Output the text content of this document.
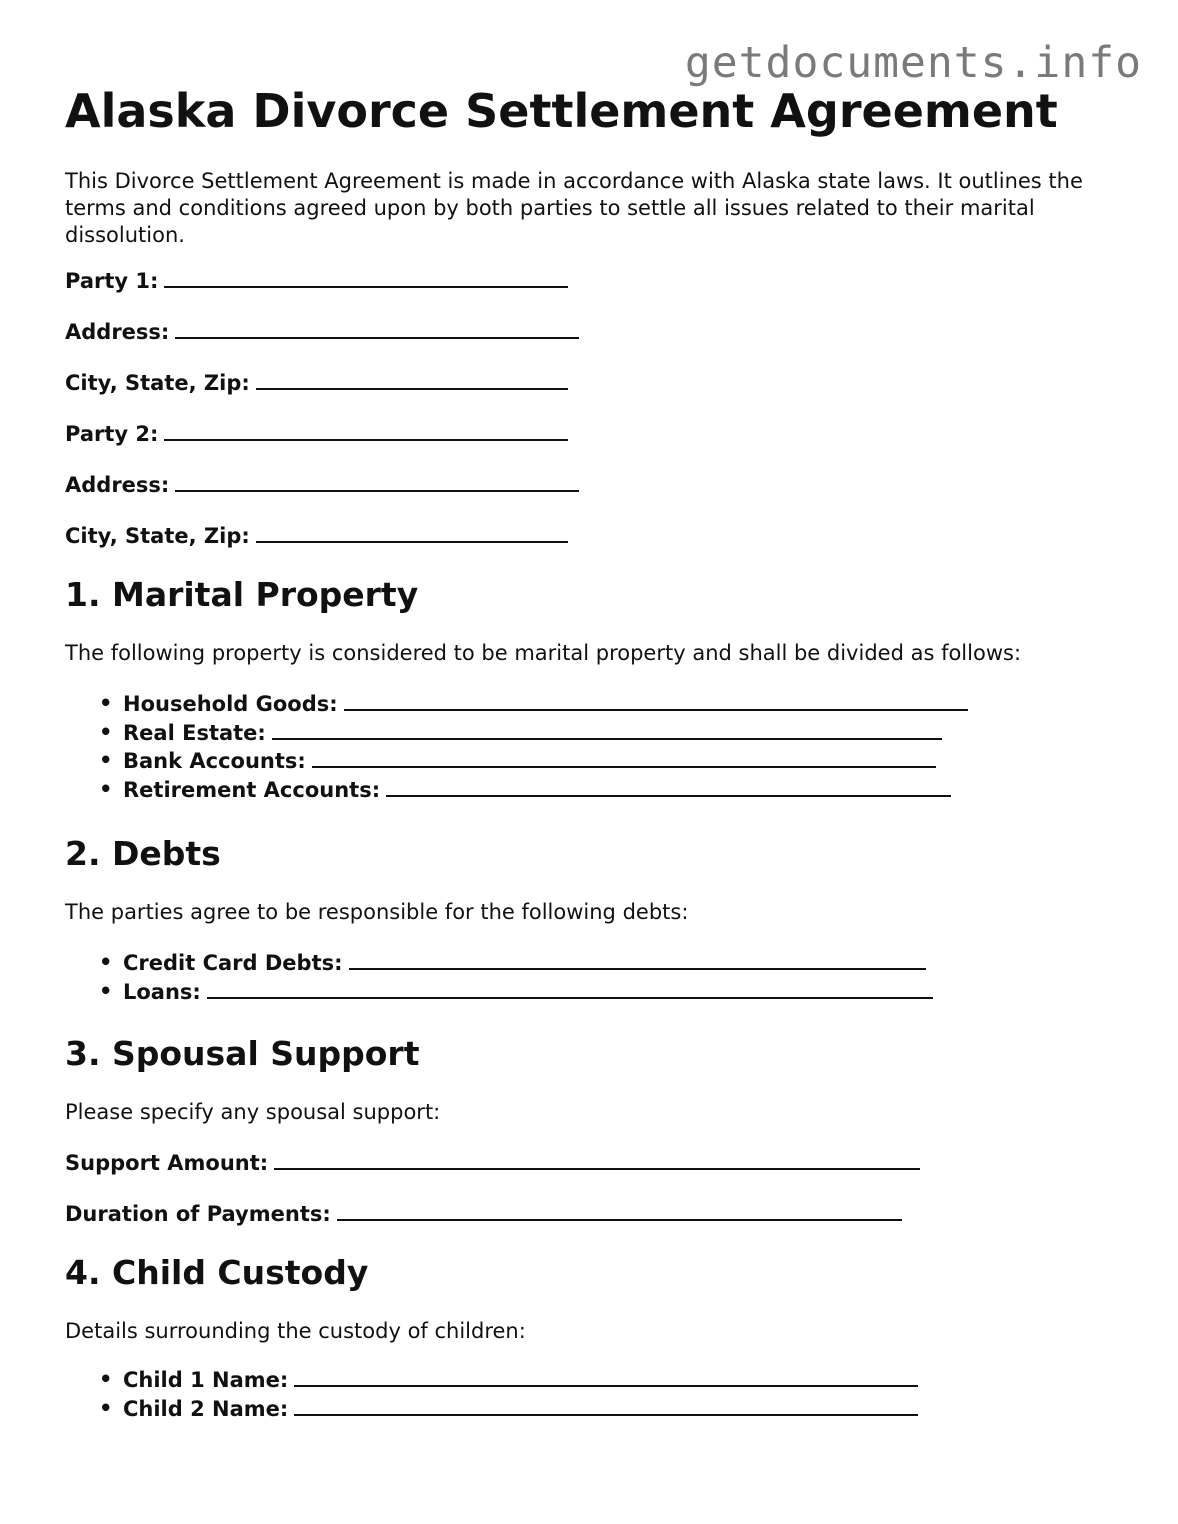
getdocuments.info
Alaska Divorce Settlement Agreement

This Divorce Settlement Agreement is made in accordance with Alaska state laws. It outlines the terms and conditions agreed upon by both parties to settle all issues related to their marital dissolution.

Party 1:
Address:
City, State, Zip:
Party 2:
Address:
City, State, Zip:
1. Marital Property

The following property is considered to be marital property and shall be divided as follows:

• Household Goods:
• Real Estate:
• Bank Accounts:
• Retirement Accounts:
2. Debts

The parties agree to be responsible for the following debts:

• Credit Card Debts:
• Loans:
3. Spousal Support

Please specify any spousal support:

Support Amount:
Duration of Payments:
4. Child Custody

Details surrounding the custody of children:

• Child 1 Name:
• Child 2 Name:
